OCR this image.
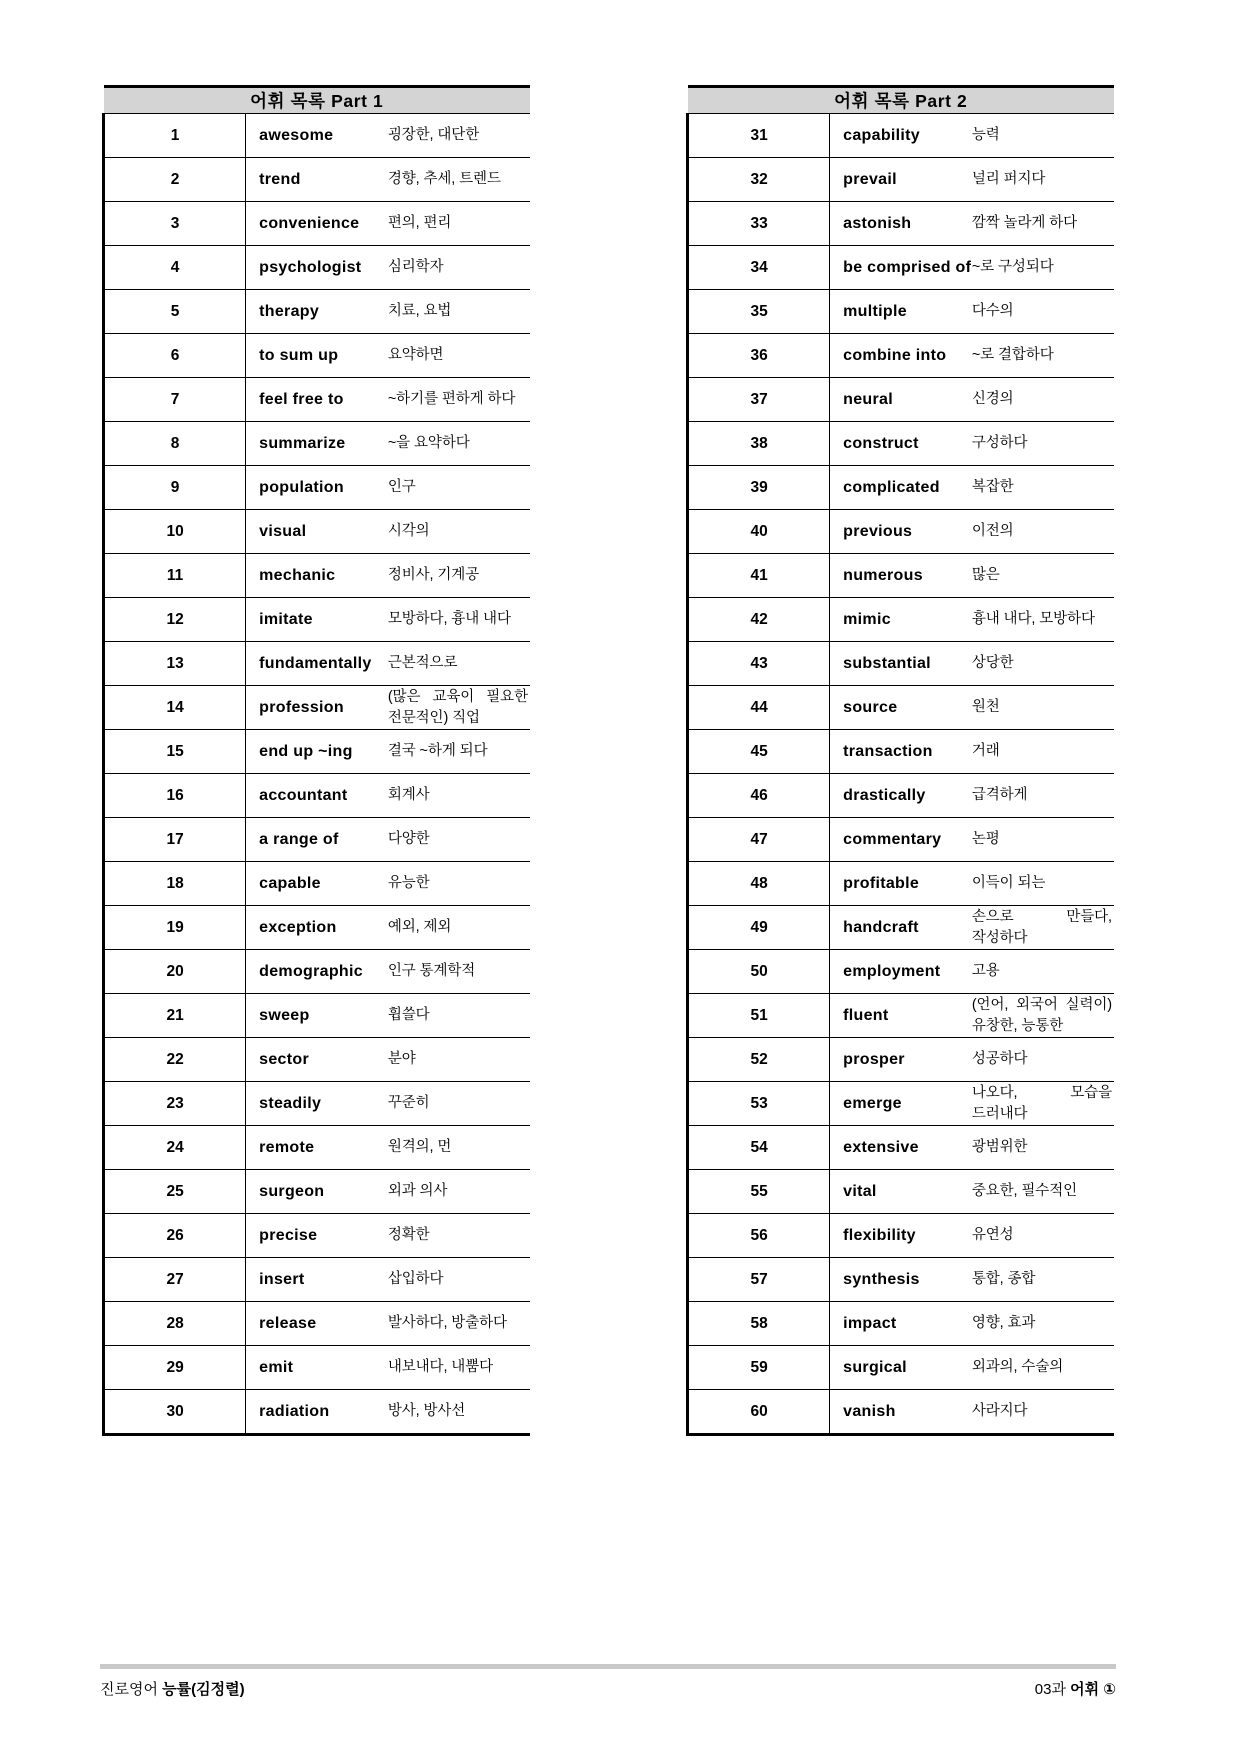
어휘 목록 Part 1		
1	awesome	굉장한, 대단한

2	trend	경향, 추세, 트렌드

3	convenience	편의, 편리

4	psychologist	심리학자

5	therapy	치료, 요법

6	to sum up	요약하면

7	feel free to	~하기를 편하게 하다

8	summarize	~을 요약하다

9	population	인구

10	visual	시각의

11	mechanic	정비사, 기계공

12	imitate	모방하다, 흉내 내다

13	fundamentally	근본적으로

14	profession	(많은 교육이 필요한 전문적인) 직업

15	end up ~ing	결국 ~하게 되다

16	accountant	회계사

17	a range of	다양한

18	capable	유능한

19	exception	예외, 제외

20	demographic	인구 통계학적

21	sweep	휩쓸다

22	sector	분야

23	steadily	꾸준히

24	remote	원격의, 먼

25	surgeon	외과 의사

26	precise	정확한

27	insert	삽입하다

28	release	발사하다, 방출하다

29	emit	내보내다, 내뿜다

30	radiation	방사, 방사선
어휘 목록 Part 2		
31	capability	능력

32	prevail	널리 퍼지다

33	astonish	깜짝 놀라게 하다

34	be comprised of	~로 구성되다

35	multiple	다수의

36	combine into	~로 결합하다

37	neural	신경의

38	construct	구성하다

39	complicated	복잡한

40	previous	이전의

41	numerous	많은

42	mimic	흉내 내다, 모방하다

43	substantial	상당한

44	source	원천

45	transaction	거래

46	drastically	급격하게

47	commentary	논평

48	profitable	이득이 되는

49	handcraft	손으로 만들다, 작성하다

50	employment	고용

51	fluent	(언어, 외국어 실력이) 유창한, 능통한

52	prosper	성공하다

53	emerge	나오다, 모습을 드러내다

54	extensive	광범위한

55	vital	중요한, 필수적인

56	flexibility	유연성

57	synthesis	통합, 종합

58	impact	영향, 효과

59	surgical	외과의, 수술의

60	vanish	사라지다
진로영어 능률(김정렬)	03과 어휘 ①
